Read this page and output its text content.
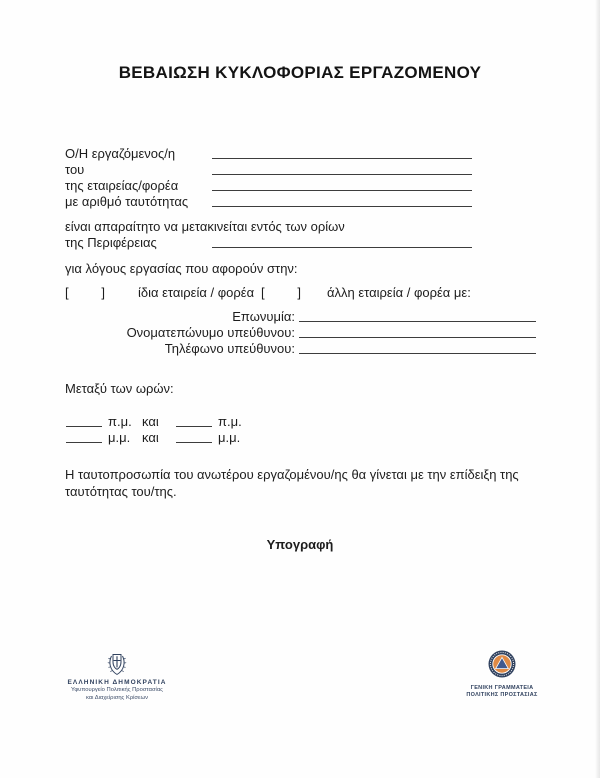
ΒΕΒΑΙΩΣΗ ΚΥΚΛΟΦΟΡΙΑΣ ΕΡΓΑΖΟΜΕΝΟΥ
Ο/Η εργαζόμενος/η
του
της εταιρείας/φορέα
με αριθμό ταυτότητας
είναι απαραίτητο να μετακινείται εντός των ορίων
της Περιφέρειας
για λόγους εργασίας που αφορούν στην:
[	]	ίδια εταιρεία / φορέα [	] άλλη εταιρεία / φορέα με:
Επωνυμία:
Ονοματεπώνυμο υπεύθυνου:
Τηλέφωνο υπεύθυνου:
Μεταξύ των ωρών:
π.μ. και	π.μ.
μ.μ. και	μ.μ.
Η ταυτοπροσωπία του ανωτέρου εργαζομένου/ης θα γίνεται με την επίδειξη της ταυτότητας του/της.
Υπογραφή
ΕΛΛΗΝΙΚΗ ΔΗΜΟΚΡΑΤΙΑ
Υφυπουργείο Πολιτικής Προστασίας
και Διαχείρισης Κρίσεων
ΓΕΝΙΚΗ ΓΡΑΜΜΑΤΕΙΑ
ΠΟΛΙΤΙΚΗΣ ΠΡΟΣΤΑΣΙΑΣ
